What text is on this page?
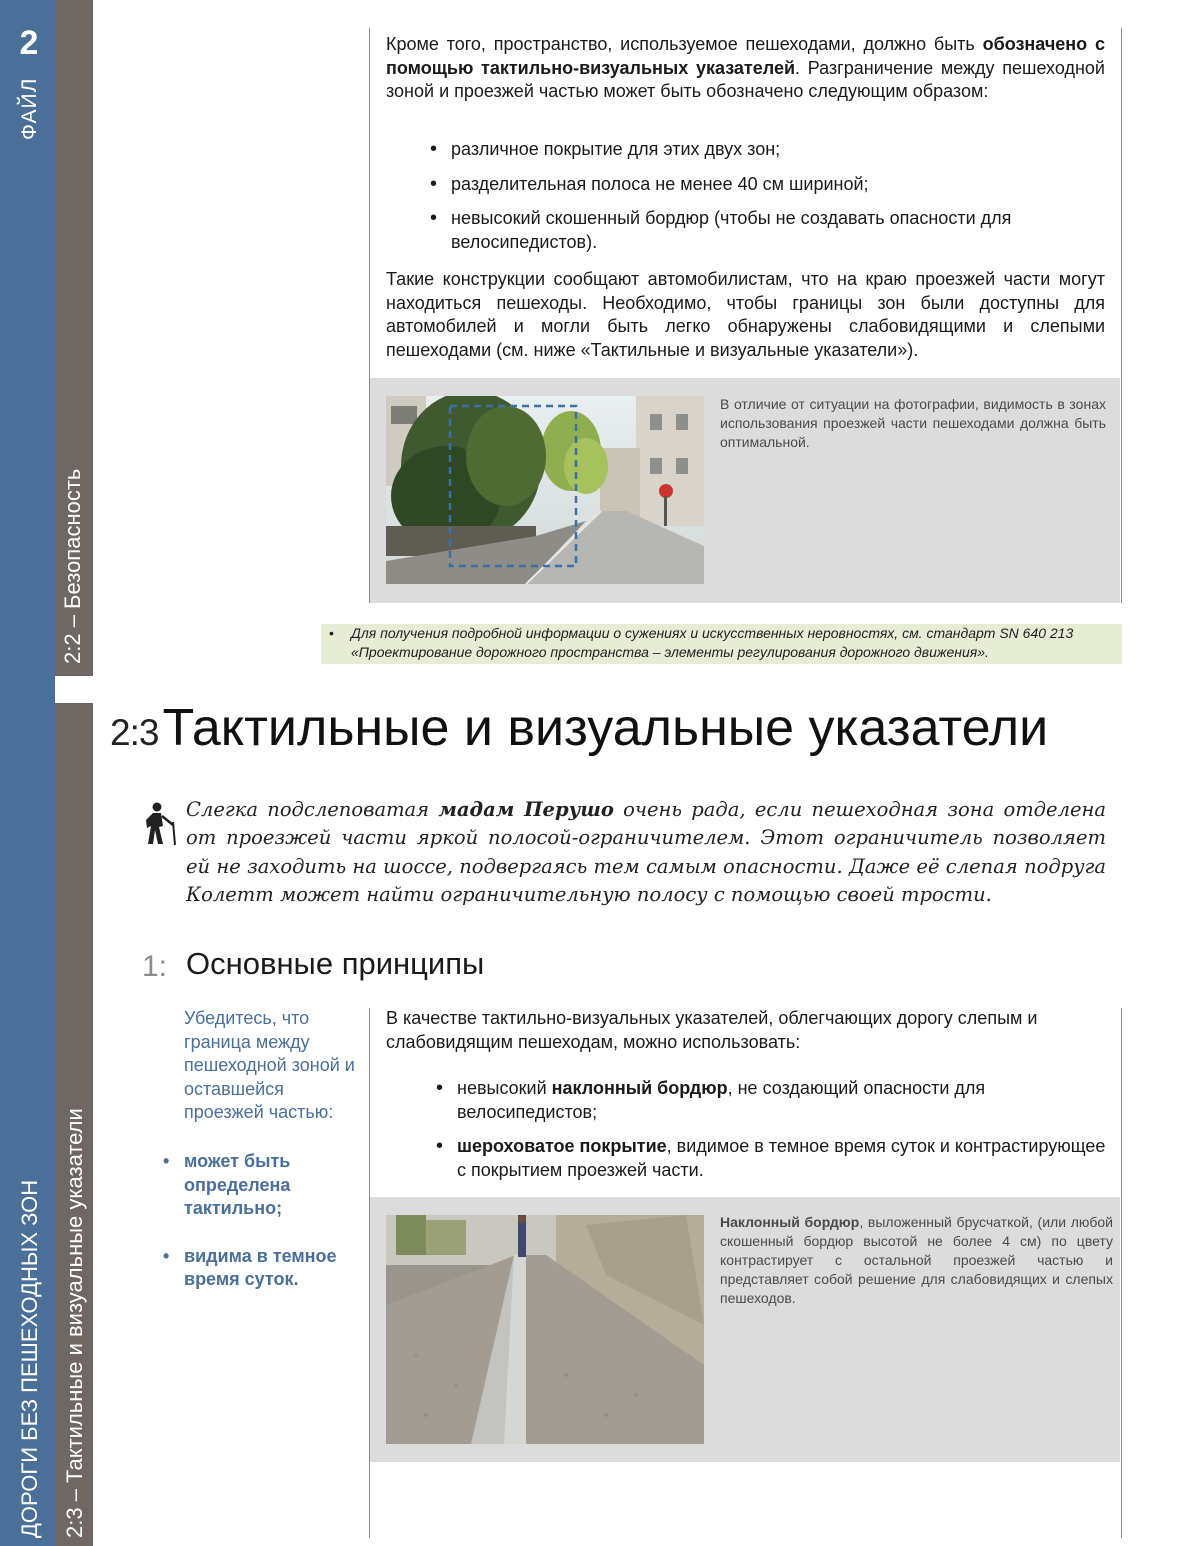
2
ФАЙЛ
2:2 – Безопасность
2:3 – Тактильные и визуальные указатели
ДОРОГИ БЕЗ ПЕШЕХОДНЫХ ЗОН

Кроме того, пространство, используемое пешеходами, должно быть обозначено с помощью тактильно-визуальных указателей. Разграничение между пешеходной зоной и проезжей частью может быть обозначено следующим образом:

• различное покрытие для этих двух зон;
• разделительная полоса не менее 40 см шириной;
• невысокий скошенный бордюр (чтобы не создавать опасности для велосипедистов).

Такие конструкции сообщают автомобилистам, что на краю проезжей части могут находиться пешеходы. Необходимо, чтобы границы зон были доступны для автомобилей и могли быть легко обнаружены слабовидящими и слепыми пешеходами (см. ниже «Тактильные и визуальные указатели»).

В отличие от ситуации на фотографии, видимость в зонах использования проезжей части пешеходами должна быть оптимальной.

• Для получения подробной информации о сужениях и искусственных неровностях, см. стандарт SN 640 213 «Проектирование дорожного пространства – элементы регулирования дорожного движения».
2:3Тактильные и визуальные указатели

Слегка подслеповатая мадам Перушо очень рада, если пешеходная зона отделена от проезжей части яркой полосой-ограничителем. Этот ограничитель позволяет ей не заходить на шоссе, подвергаясь тем самым опасности. Даже её слепая подруга Колетт может найти ограничительную полосу с помощью своей трости.

1: Основные принципы

Убедитесь, что граница между пешеходной зоной и оставшейся проезжей частью:

• может быть определена тактильно;
• видима в темное время суток.

В качестве тактильно-визуальных указателей, облегчающих дорогу слепым и слабовидящим пешеходам, можно использовать:

• невысокий наклонный бордюр, не создающий опасности для велосипедистов;
• шероховатое покрытие, видимое в темное время суток и контрастирующее с покрытием проезжей части.

Наклонный бордюр, выложенный брусчаткой, (или любой скошенный бордюр высотой не более 4 см) по цвету контрастирует с остальной проезжей частью и представляет собой решение для слабовидящих и слепых пешеходов.
